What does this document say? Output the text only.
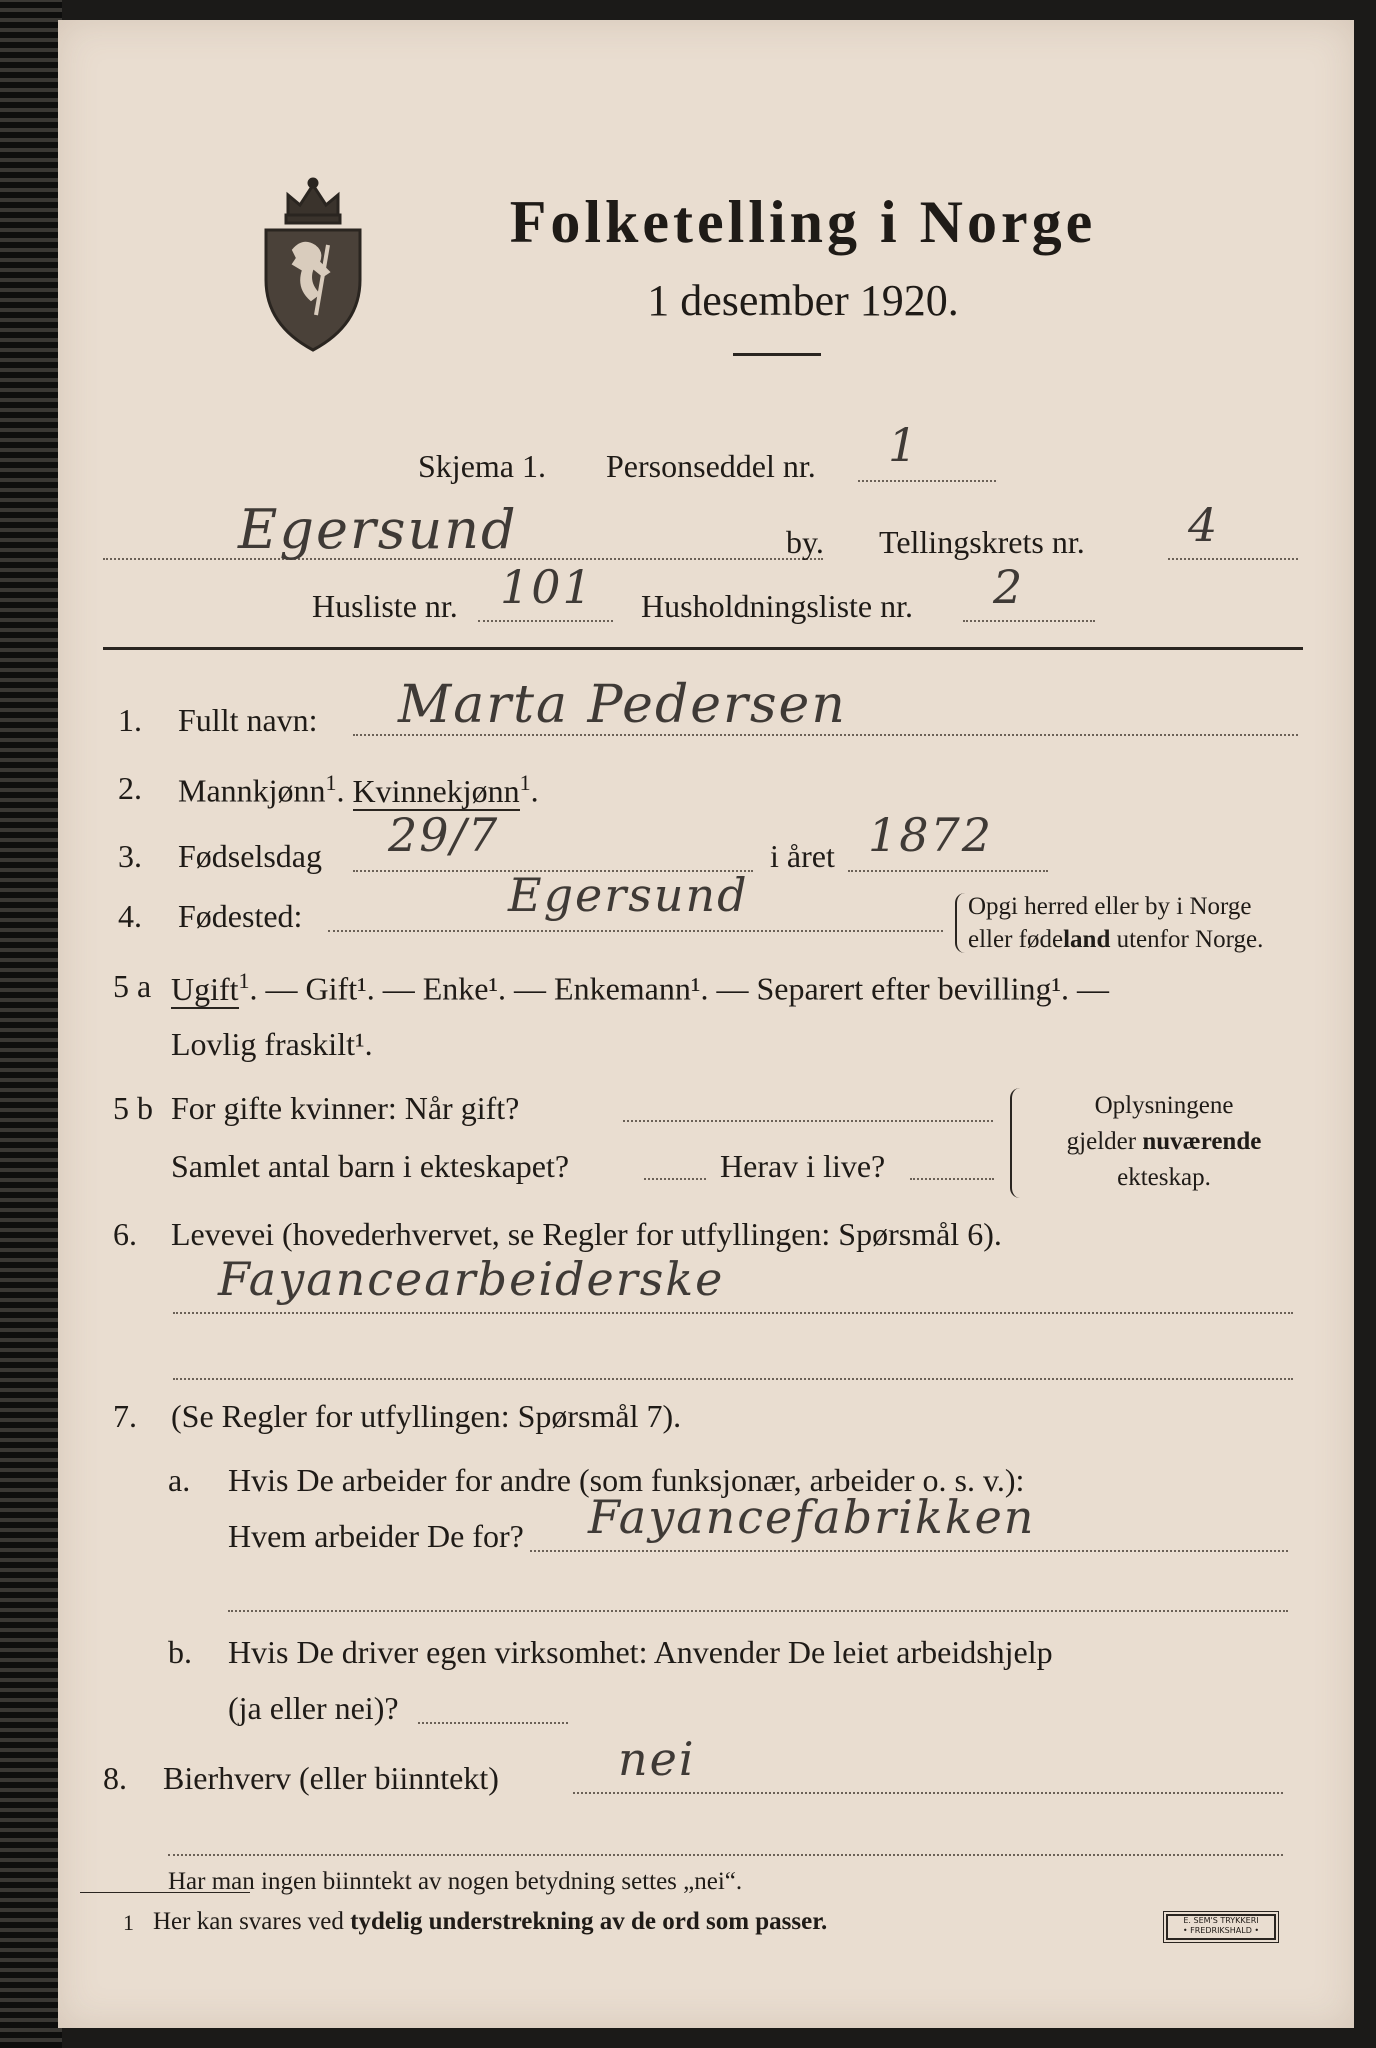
Folketelling i Norge
1 desember 1920.
Skjema 1. Personseddel nr. 1
Egersund	by. Tellingskrets nr. 4
Husliste nr. 101 Husholdningsliste nr. 2
1. Fullt navn: Marta Pedersen
2. Mannkjønn$^1$. Kvinnekjønn$^1$.
3. Fødselsdag 29/7	i året 1872
4. Fødested:	Egersund	Opgi herred eller by i Norge
eller fødeland utenfor Norge.
5 a Ugift$^1$. — Gift¹. — Enke¹. — Enkemann¹. — Separert efter bevilling¹. —
Lovlig fraskilt¹.
5 b For gifte kvinner: Når gift?
Samlet antal barn i ekteskapet?	Herav i live?
Oplysningene
gjelder nuværende
ekteskap.
6. Levevei (hovederhvervet, se Regler for utfyllingen: Spørsmål 6).
Fayancearbeiderske
7. (Se Regler for utfyllingen: Spørsmål 7).
a. Hvis De arbeider for andre (som funksjonær, arbeider o. s. v.):
Hvem arbeider De for? Fayancefabrikken
b. Hvis De driver egen virksomhet: Anvender De leiet arbeidshjelp
(ja eller nei)?
8. Bierhverv (eller biinntekt)	nei
Har man ingen biinntekt av nogen betydning settes „nei“.
1 Her kan svares ved tydelig understrekning av de ord som passer.	E. SEM'S TRYKKERI
• FREDRIKSHALD •
